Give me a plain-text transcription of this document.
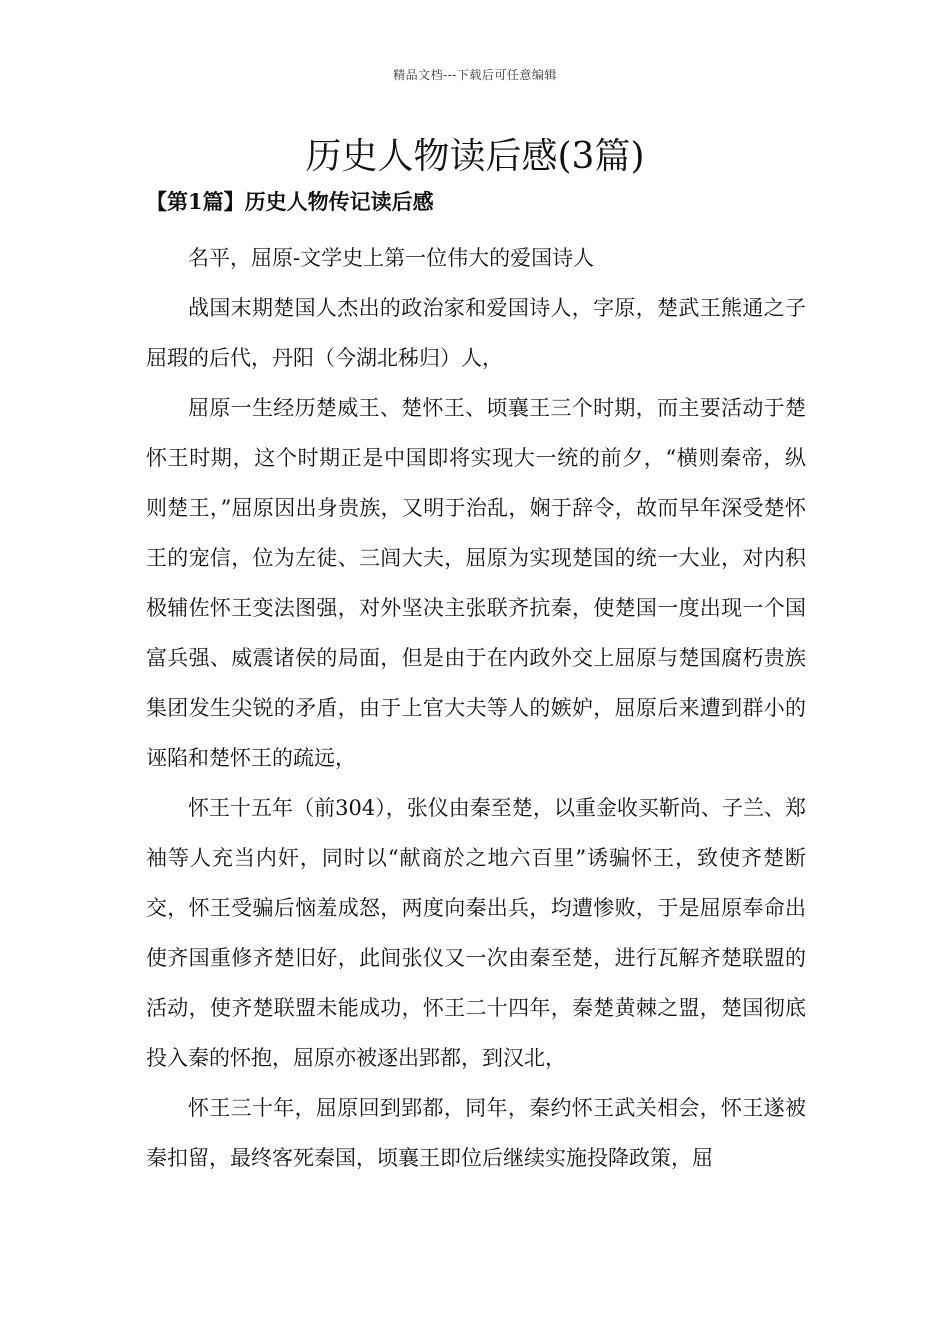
精品文档---下载后可任意编辑
历史人物读后感(3篇)
【第1篇】历史人物传记读后感

名平，屈原-文学史上第一位伟大的爱国诗人

战国末期楚国人杰出的政治家和爱国诗人，字原，楚武王熊通之子屈瑕的后代，丹阳（今湖北秭归）人，

屈原一生经历楚威王、楚怀王、顷襄王三个时期，而主要活动于楚怀王时期，这个时期正是中国即将实现大一统的前夕，“横则秦帝，纵则楚王，”屈原因出身贵族，又明于治乱，娴于辞令，故而早年深受楚怀王的宠信，位为左徒、三闾大夫，屈原为实现楚国的统一大业，对内积极辅佐怀王变法图强，对外坚决主张联齐抗秦，使楚国一度出现一个国富兵强、威震诸侯的局面，但是由于在内政外交上屈原与楚国腐朽贵族集团发生尖锐的矛盾，由于上官大夫等人的嫉妒，屈原后来遭到群小的诬陷和楚怀王的疏远，

怀王十五年（前304），张仪由秦至楚，以重金收买靳尚、子兰、郑袖等人充当内奸，同时以“献商於之地六百里”诱骗怀王，致使齐楚断交，怀王受骗后恼羞成怒，两度向秦出兵，均遭惨败，于是屈原奉命出使齐国重修齐楚旧好，此间张仪又一次由秦至楚，进行瓦解齐楚联盟的活动，使齐楚联盟未能成功，怀王二十四年，秦楚黄棘之盟，楚国彻底投入秦的怀抱，屈原亦被逐出郢都，到汉北，

怀王三十年，屈原回到郢都，同年，秦约怀王武关相会，怀王遂被秦扣留，最终客死秦国，顷襄王即位后继续实施投降政策，屈
